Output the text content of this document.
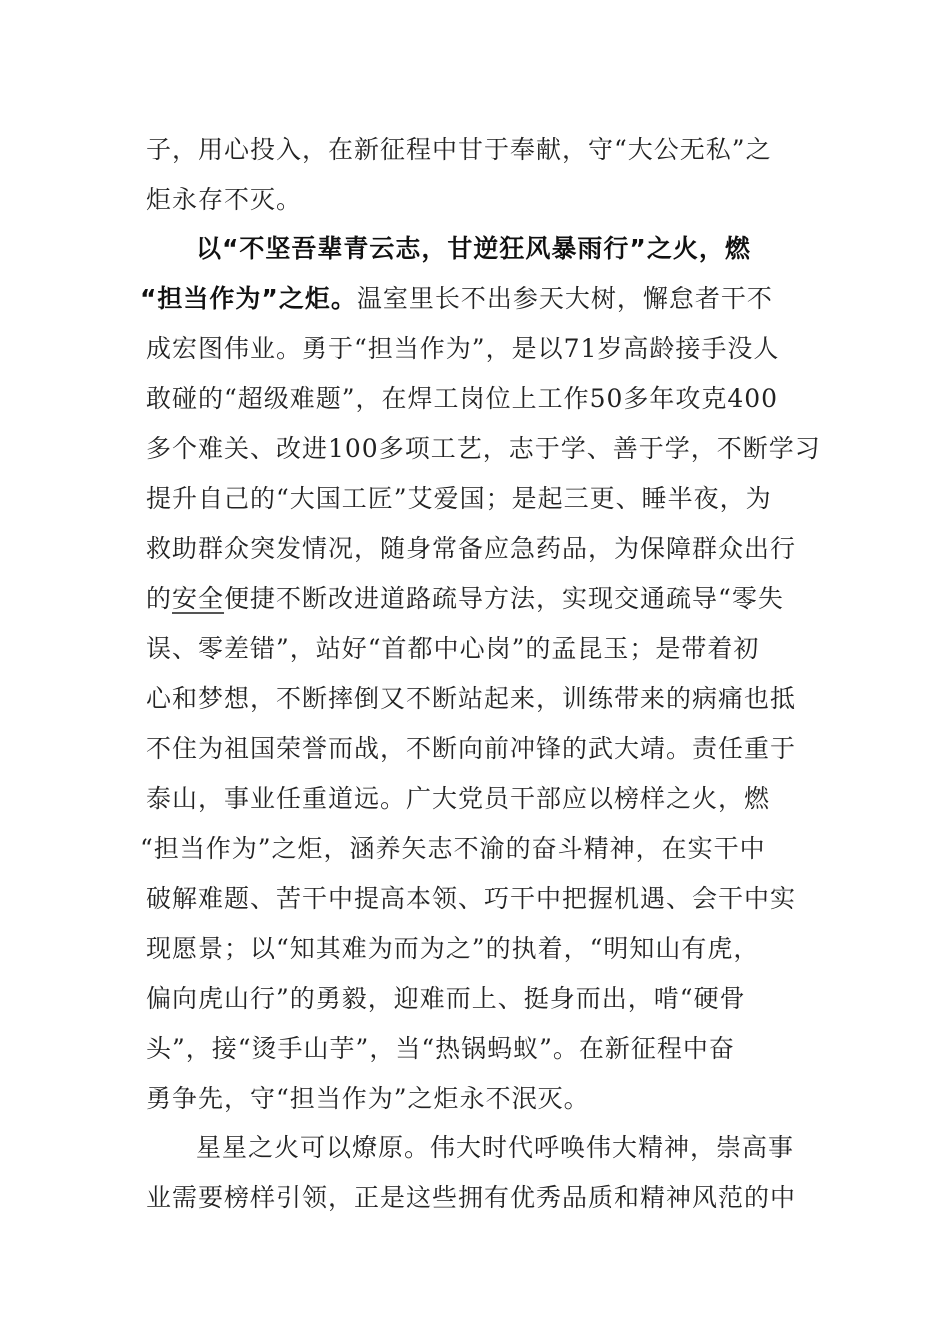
子，用心投入，在新征程中甘于奉献，守“大公无私”之
炬永存不灭。
以“不坚吾辈青云志，甘逆狂风暴雨行”之火，燃
“担当作为”之炬。温室里长不出参天大树，懈怠者干不
成宏图伟业。勇于“担当作为”，是以71岁高龄接手没人
敢碰的“超级难题”，在焊工岗位上工作50多年攻克400
多个难关、改进100多项工艺，志于学、善于学，不断学习
提升自己的“大国工匠”艾爱国；是起三更、睡半夜，为
救助群众突发情况，随身常备应急药品，为保障群众出行
的安全便捷不断改进道路疏导方法，实现交通疏导“零失
误、零差错”，站好“首都中心岗”的孟昆玉；是带着初
心和梦想，不断摔倒又不断站起来，训练带来的病痛也抵
不住为祖国荣誉而战，不断向前冲锋的武大靖。责任重于
泰山，事业任重道远。广大党员干部应以榜样之火，燃
“担当作为”之炬，涵养矢志不渝的奋斗精神，在实干中
破解难题、苦干中提高本领、巧干中把握机遇、会干中实
现愿景；以“知其难为而为之”的执着，“明知山有虎，
偏向虎山行”的勇毅，迎难而上、挺身而出，啃“硬骨
头”，接“烫手山芋”，当“热锅蚂蚁”。在新征程中奋
勇争先，守“担当作为”之炬永不泯灭。
星星之火可以燎原。伟大时代呼唤伟大精神，崇高事
业需要榜样引领，正是这些拥有优秀品质和精神风范的中
